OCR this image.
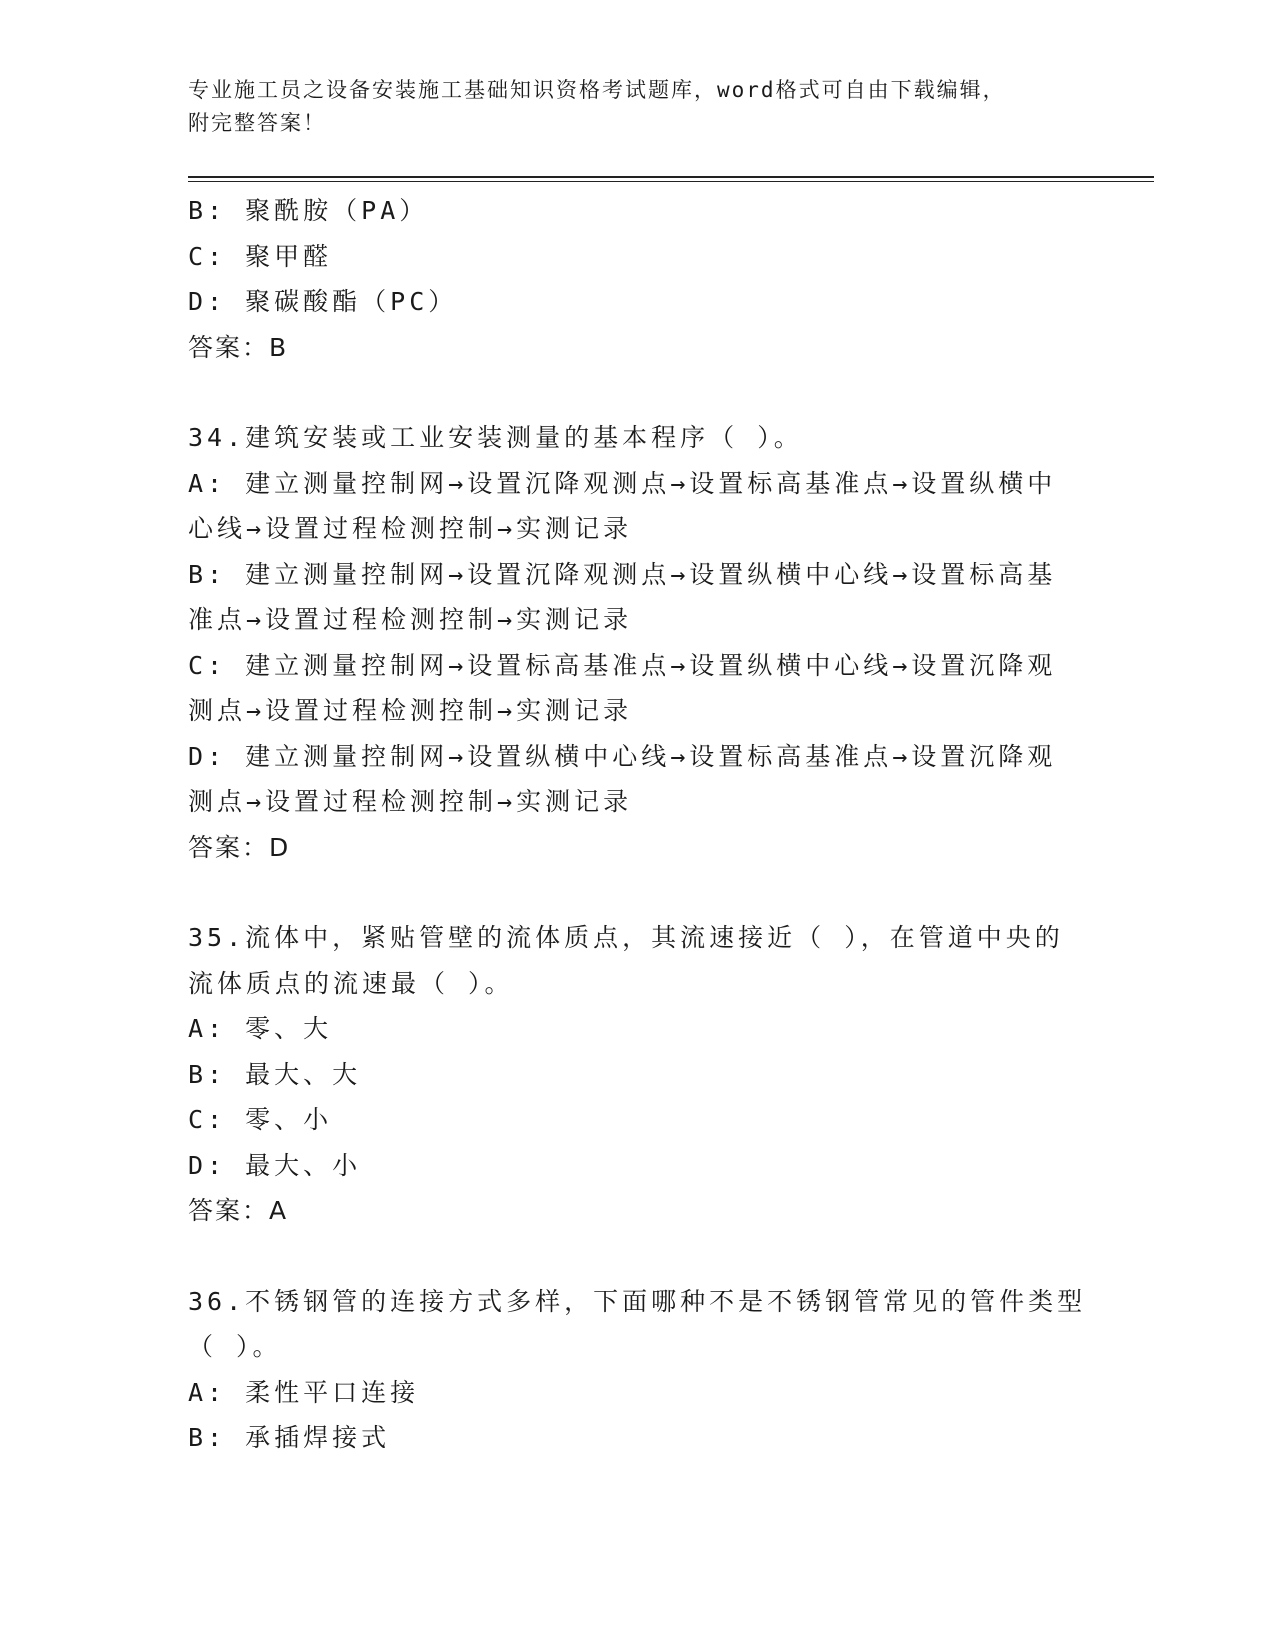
专业施工员之设备安装施工基础知识资格考试题库，word格式可自由下载编辑，
附完整答案！
B: 聚酰胺（PA）
C: 聚甲醛
D: 聚碳酸酯（PC）
答案：B
34.建筑安装或工业安装测量的基本程序（ ）。
A: 建立测量控制网→设置沉降观测点→设置标高基准点→设置纵横中
心线→设置过程检测控制→实测记录
B: 建立测量控制网→设置沉降观测点→设置纵横中心线→设置标高基
准点→设置过程检测控制→实测记录
C: 建立测量控制网→设置标高基准点→设置纵横中心线→设置沉降观
测点→设置过程检测控制→实测记录
D: 建立测量控制网→设置纵横中心线→设置标高基准点→设置沉降观
测点→设置过程检测控制→实测记录
答案：D
35.流体中，紧贴管壁的流体质点，其流速接近（ ），在管道中央的
流体质点的流速最（ ）。
A: 零、大
B: 最大、大
C: 零、小
D: 最大、小
答案：A
36.不锈钢管的连接方式多样，下面哪种不是不锈钢管常见的管件类型
（ ）。
A: 柔性平口连接
B: 承插焊接式
